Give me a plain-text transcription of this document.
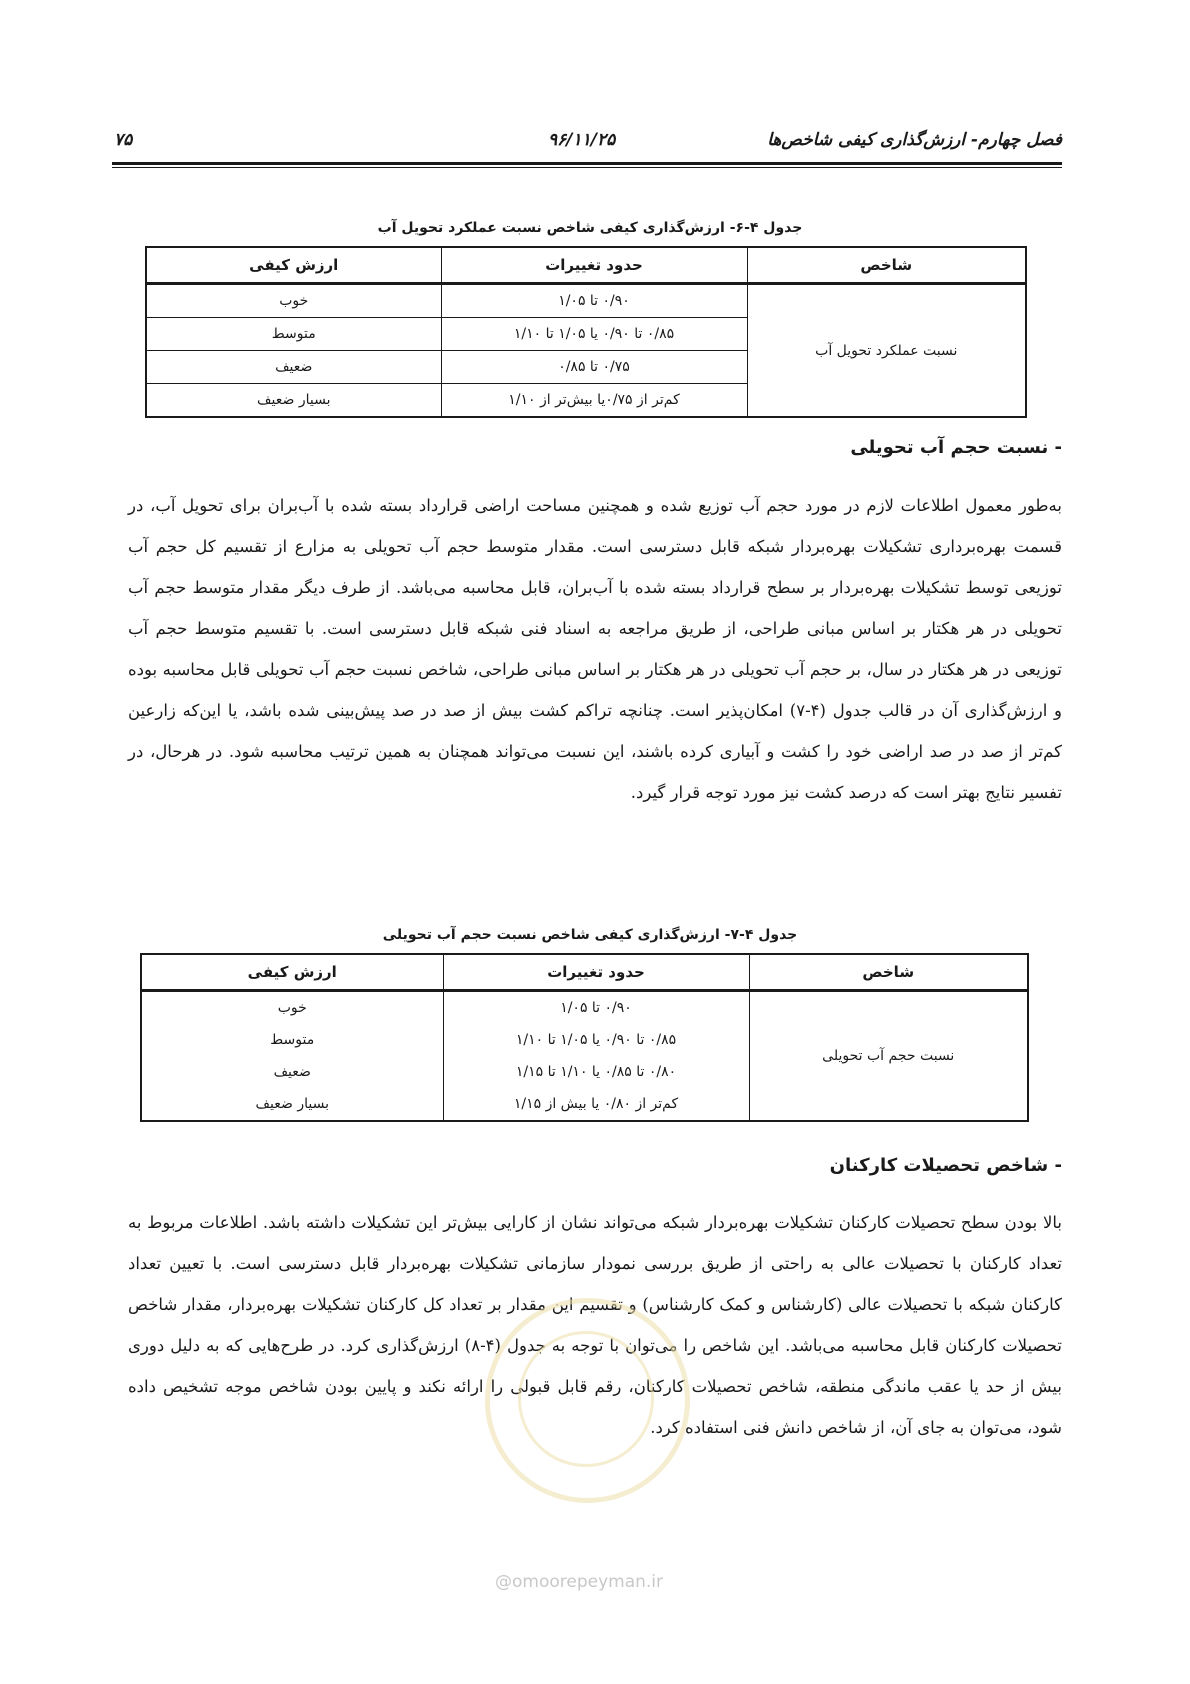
فصل چهارم- ارزش‌گذاری کیفی شاخص‌ها
۹۶/۱۱/۲۵
۷۵
جدول ۴-۶- ارزش‌گذاری کیفی شاخص نسبت عملکرد تحویل آب
شاخص	حدود تغییرات	ارزش کیفی
نسبت عملکرد تحویل آب	۰/۹۰ تا ۱/۰۵	خوب
	۰/۸۵ تا ۰/۹۰ یا ۱/۰۵ تا ۱/۱۰	متوسط
	۰/۷۵ تا ۰/۸۵	ضعیف
	کم‌تر از ۰/۷۵یا بیش‌تر از ۱/۱۰	بسیار ضعیف
- نسبت حجم آب تحویلی
به‌طور معمول اطلاعات لازم در مورد حجم آب توزیع شده و همچنین مساحت اراضی قرارداد بسته شده با آب‌بران برای تحویل آب، در قسمت بهره‌برداری تشکیلات بهره‌بردار شبکه قابل دسترسی است. مقدار متوسط حجم آب تحویلی به مزارع از تقسیم کل حجم آب توزیعی توسط تشکیلات بهره‌بردار بر سطح قرارداد بسته شده با آب‌بران، قابل محاسبه می‌باشد. از طرف دیگر مقدار متوسط حجم آب تحویلی در هر هکتار بر اساس مبانی طراحی، از طریق مراجعه به اسناد فنی شبکه قابل دسترسی است. با تقسیم متوسط حجم آب توزیعی در هر هکتار در سال، بر حجم آب تحویلی در هر هکتار بر اساس مبانی طراحی، شاخص نسبت حجم آب تحویلی قابل محاسبه بوده و ارزش‌گذاری آن در قالب جدول (۴-۷) امکان‌پذیر است. چنانچه تراکم کشت بیش از صد در صد پیش‌بینی شده باشد، یا این‌که زارعین کم‌تر از صد در صد اراضی خود را کشت و آبیاری کرده باشند، این نسبت می‌تواند همچنان به همین ترتیب محاسبه شود. در هرحال، در تفسیر نتایج بهتر است که درصد کشت نیز مورد توجه قرار گیرد.
جدول ۴-۷- ارزش‌گذاری کیفی شاخص نسبت حجم آب تحویلی
شاخص	حدود تغییرات	ارزش کیفی
نسبت حجم آب تحویلی	۰/۹۰ تا ۱/۰۵	خوب
	۰/۸۵ تا ۰/۹۰ یا ۱/۰۵ تا ۱/۱۰	متوسط
	۰/۸۰ تا ۰/۸۵ یا ۱/۱۰ تا ۱/۱۵	ضعیف
	کم‌تر از ۰/۸۰ یا بیش از ۱/۱۵	بسیار ضعیف
- شاخص تحصیلات کارکنان
بالا بودن سطح تحصیلات کارکنان تشکیلات بهره‌بردار شبکه می‌تواند نشان از کارایی بیش‌تر این تشکیلات داشته باشد. اطلاعات مربوط به تعداد کارکنان با تحصیلات عالی به راحتی از طریق بررسی نمودار سازمانی تشکیلات بهره‌بردار قابل دسترسی است. با تعیین تعداد کارکنان شبکه با تحصیلات عالی (کارشناس و کمک کارشناس) و تقسیم این مقدار بر تعداد کل کارکنان تشکیلات بهره‌بردار، مقدار شاخص تحصیلات کارکنان قابل محاسبه می‌باشد. این شاخص را می‌توان با توجه به جدول (۴-۸) ارزش‌گذاری کرد. در طرح‌هایی که به دلیل دوری بیش از حد یا عقب ماندگی منطقه، شاخص تحصیلات کارکنان، رقم قابل قبولی را ارائه نکند و پایین بودن شاخص موجه تشخیص داده شود، می‌توان به جای آن، از شاخص دانش فنی استفاده کرد.
@omoorepeyman.ir
